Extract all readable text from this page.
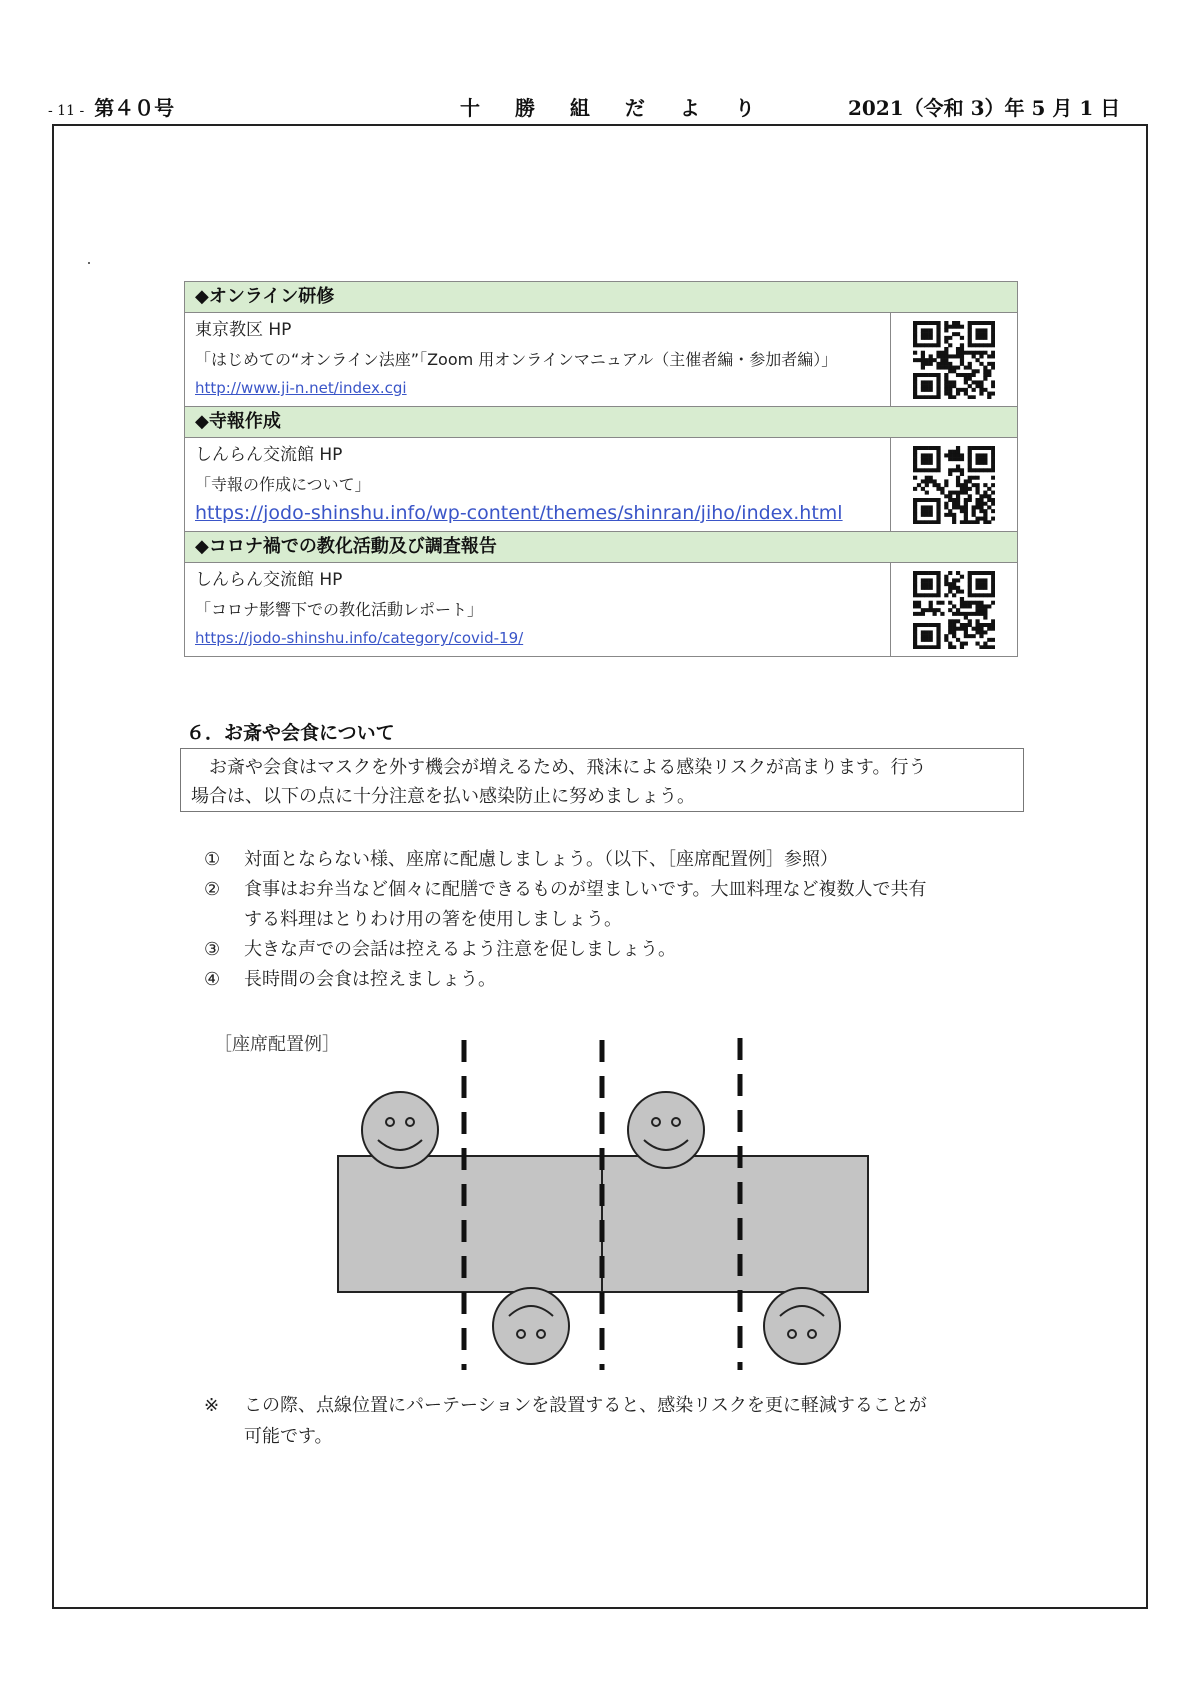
- 11 - 第４０号	十 勝 組 だ よ り	2021（令和 3）年 5 月 1 日
◆オンライン研修
東京教区 HP
「はじめての“オンライン法座”「Zoom 用オンラインマニュアル（主催者編・参加者編）」
http://www.ji-n.net/index.cgi
◆寺報作成
しんらん交流館 HP
「寺報の作成について」
https://jodo-shinshu.info/wp-content/themes/shinran/jiho/index.html
◆コロナ禍での教化活動及び調査報告
しんらん交流館 HP
「コロナ影響下での教化活動レポート」
https://jodo-shinshu.info/category/covid-19/
６．お斎や会食について
お斎や会食はマスクを外す機会が増えるため、飛沫による感染リスクが高まります。行う
場合は、以下の点に十分注意を払い感染防止に努めましょう。
① 対面とならない様、座席に配慮しましょう。（以下、［座席配置例］参照）
② 食事はお弁当など個々に配膳できるものが望ましいです。大皿料理など複数人で共有
する料理はとりわけ用の箸を使用しましょう。
③ 大きな声での会話は控えるよう注意を促しましょう。
④ 長時間の会食は控えましょう。
［座席配置例］
※	この際、点線位置にパーテーションを設置すると、感染リスクを更に軽減することが
可能です。
